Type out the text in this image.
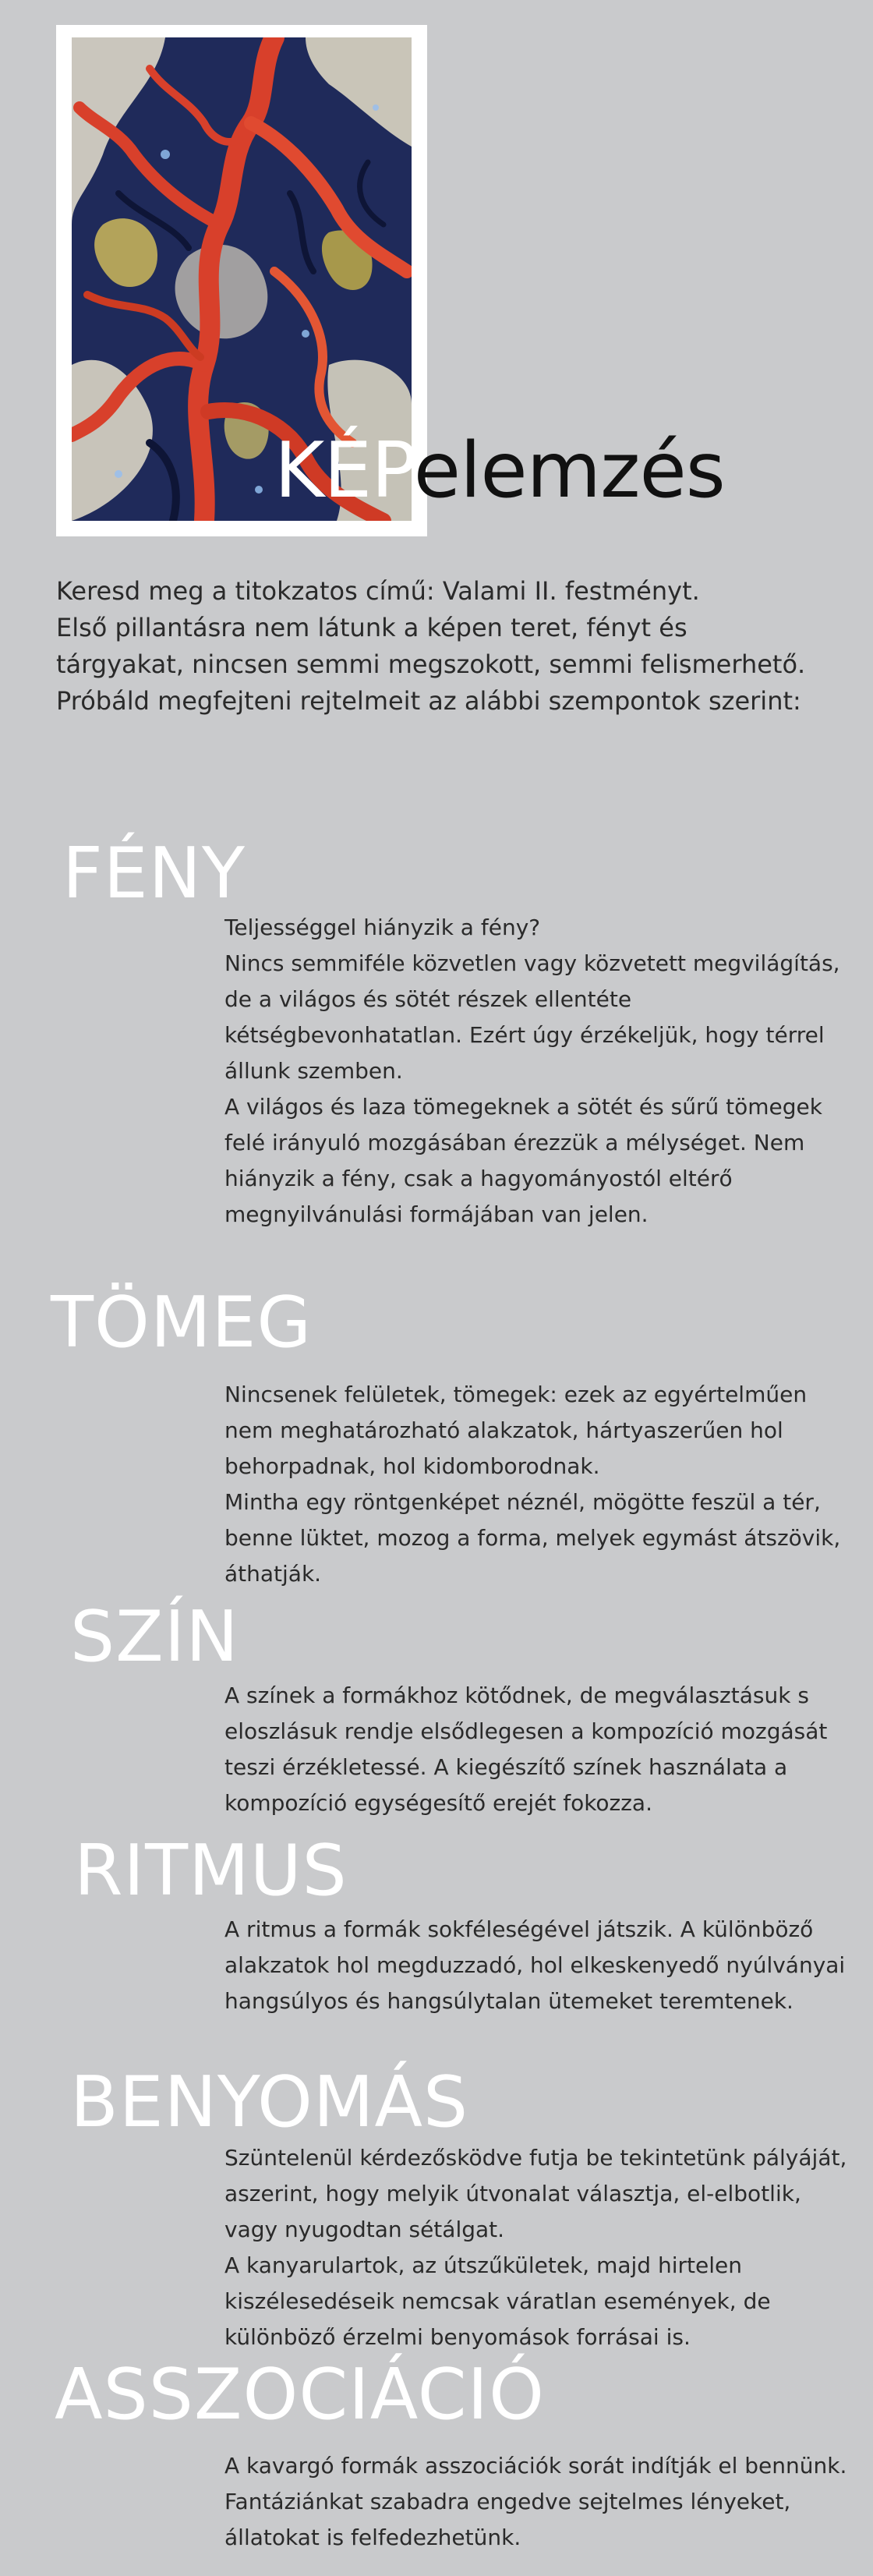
KÉPelemzés

Keresd meg a titokzatos című: Valami II. festményt.

Első pillantásra nem látunk a képen teret, fényt és

tárgyakat, nincsen semmi megszokott, semmi felismerhető.

Próbáld megfejteni rejtelmeit az alábbi szempontok szerint:

FÉNY

Teljességgel hiányzik a fény?

Nincs semmiféle közvetlen vagy közvetett megvilágítás, de a világos és sötét részek ellentéte kétségbevonhatatlan. Ezért úgy érzékeljük, hogy térrel állunk szemben.

A világos és laza tömegeknek a sötét és sűrű tömegek felé irányuló mozgásában érezzük a mélységet. Nem hiányzik a fény, csak a hagyományostól eltérő megnyilvánulási formájában van jelen.

TÖMEG

Nincsenek felületek, tömegek: ezek az egyértelműen nem meghatározható alakzatok, hártyaszerűen hol behorpadnak, hol kidomborodnak.

Mintha egy röntgenképet néznél, mögötte feszül a tér, benne lüktet, mozog a forma, melyek egymást átszövik, áthatják.

SZÍN

A színek a formákhoz kötődnek, de megválasztásuk s eloszlásuk rendje elsődlegesen a kompozíció mozgását teszi érzékletessé. A kiegészítő színek használata a kompozíció egységesítő erejét fokozza.

RITMUS

A ritmus a formák sokféleségével játszik. A különböző alakzatok hol megduzzadó, hol elkeskenyedő nyúlványai hangsúlyos és hangsúlytalan ütemeket teremtenek.

BENYOMÁS

Szüntelenül kérdezősködve futja be tekintetünk pályáját, aszerint, hogy melyik útvonalat választja, el-elbotlik, vagy nyugodtan sétálgat.

A kanyarulartok, az útszűkületek, majd hirtelen kiszélesedéseik nemcsak váratlan események, de különböző érzelmi benyomások forrásai is.

ASSZOCIÁCIÓ

A kavargó formák asszociációk sorát indítják el bennünk. Fantáziánkat szabadra engedve sejtelmes lényeket, állatokat is felfedezhetünk.
